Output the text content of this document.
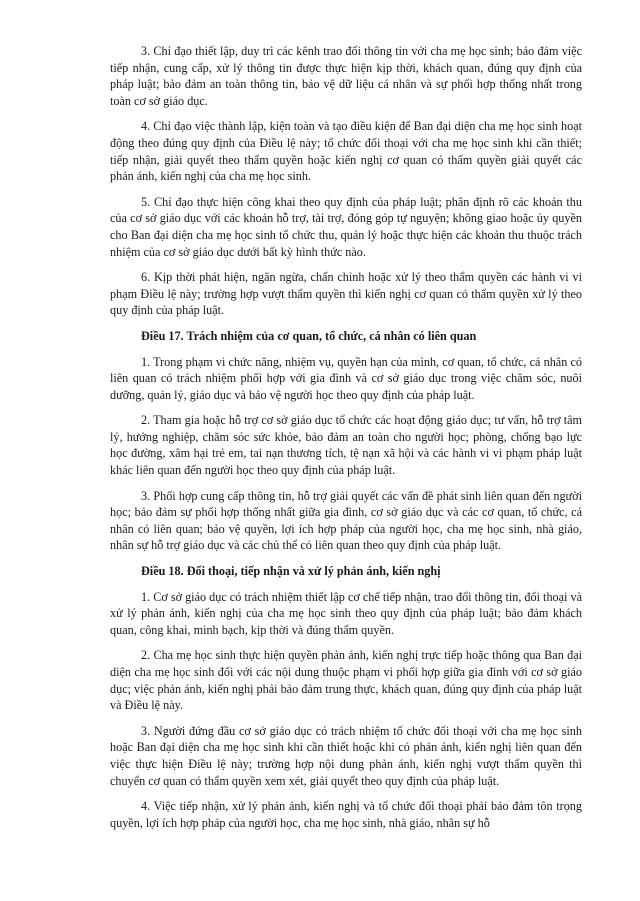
3. Chỉ đạo thiết lập, duy trì các kênh trao đổi thông tin với cha mẹ học sinh; bảo đảm việc tiếp nhận, cung cấp, xử lý thông tin được thực hiện kịp thời, khách quan, đúng quy định của pháp luật; bảo đảm an toàn thông tin, bảo vệ dữ liệu cá nhân và sự phối hợp thống nhất trong toàn cơ sở giáo dục.

4. Chỉ đạo việc thành lập, kiện toàn và tạo điều kiện để Ban đại diện cha mẹ học sinh hoạt động theo đúng quy định của Điều lệ này; tổ chức đối thoại với cha mẹ học sinh khi cần thiết; tiếp nhận, giải quyết theo thẩm quyền hoặc kiến nghị cơ quan có thẩm quyền giải quyết các phản ánh, kiến nghị của cha mẹ học sinh.

5. Chỉ đạo thực hiện công khai theo quy định của pháp luật; phân định rõ các khoản thu của cơ sở giáo dục với các khoản hỗ trợ, tài trợ, đóng góp tự nguyện; không giao hoặc ủy quyền cho Ban đại diện cha mẹ học sinh tổ chức thu, quản lý hoặc thực hiện các khoản thu thuộc trách nhiệm của cơ sở giáo dục dưới bất kỳ hình thức nào.

6. Kịp thời phát hiện, ngăn ngừa, chấn chỉnh hoặc xử lý theo thẩm quyền các hành vi vi phạm Điều lệ này; trường hợp vượt thẩm quyền thì kiến nghị cơ quan có thẩm quyền xử lý theo quy định của pháp luật.

Điều 17. Trách nhiệm của cơ quan, tổ chức, cá nhân có liên quan

1. Trong phạm vi chức năng, nhiệm vụ, quyền hạn của mình, cơ quan, tổ chức, cá nhân có liên quan có trách nhiệm phối hợp với gia đình và cơ sở giáo dục trong việc chăm sóc, nuôi dưỡng, quản lý, giáo dục và bảo vệ người học theo quy định của pháp luật.

2. Tham gia hoặc hỗ trợ cơ sở giáo dục tổ chức các hoạt động giáo dục; tư vấn, hỗ trợ tâm lý, hướng nghiệp, chăm sóc sức khỏe, bảo đảm an toàn cho người học; phòng, chống bạo lực học đường, xâm hại trẻ em, tai nạn thương tích, tệ nạn xã hội và các hành vi vi phạm pháp luật khác liên quan đến người học theo quy định của pháp luật.

3. Phối hợp cung cấp thông tin, hỗ trợ giải quyết các vấn đề phát sinh liên quan đến người học; bảo đảm sự phối hợp thống nhất giữa gia đình, cơ sở giáo dục và các cơ quan, tổ chức, cá nhân có liên quan; bảo vệ quyền, lợi ích hợp pháp của người học, cha mẹ học sinh, nhà giáo, nhân sự hỗ trợ giáo dục và các chủ thể có liên quan theo quy định của pháp luật.

Điều 18. Đối thoại, tiếp nhận và xử lý phản ánh, kiến nghị

1. Cơ sở giáo dục có trách nhiệm thiết lập cơ chế tiếp nhận, trao đổi thông tin, đối thoại và xử lý phản ánh, kiến nghị của cha mẹ học sinh theo quy định của pháp luật; bảo đảm khách quan, công khai, minh bạch, kịp thời và đúng thẩm quyền.

2. Cha mẹ học sinh thực hiện quyền phản ánh, kiến nghị trực tiếp hoặc thông qua Ban đại diện cha mẹ học sinh đối với các nội dung thuộc phạm vi phối hợp giữa gia đình với cơ sở giáo dục; việc phản ánh, kiến nghị phải bảo đảm trung thực, khách quan, đúng quy định của pháp luật và Điều lệ này.

3. Người đứng đầu cơ sở giáo dục có trách nhiệm tổ chức đối thoại với cha mẹ học sinh hoặc Ban đại diện cha mẹ học sinh khi cần thiết hoặc khi có phản ánh, kiến nghị liên quan đến việc thực hiện Điều lệ này; trường hợp nội dung phản ánh, kiến nghị vượt thẩm quyền thì chuyển cơ quan có thẩm quyền xem xét, giải quyết theo quy định của pháp luật.

4. Việc tiếp nhận, xử lý phản ánh, kiến nghị và tổ chức đối thoại phải bảo đảm tôn trọng quyền, lợi ích hợp pháp của người học, cha mẹ học sinh, nhà giáo, nhân sự hỗ
